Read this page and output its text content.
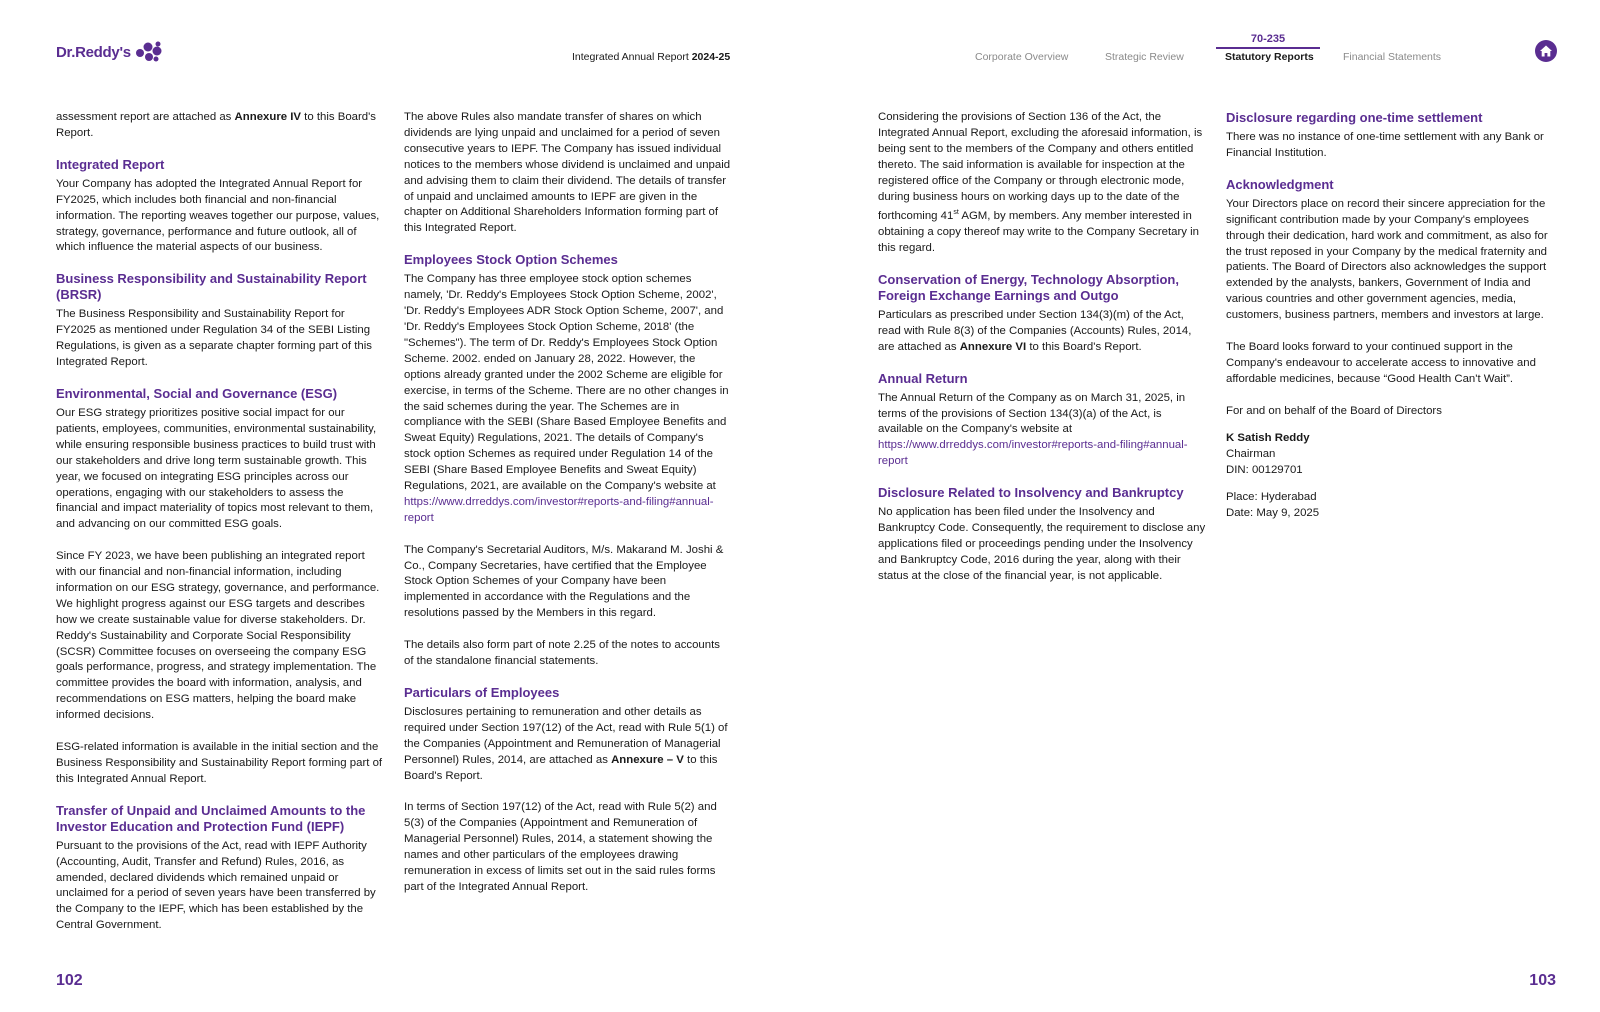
Dr.Reddy's	Integrated Annual Report 2024-25
70-235
Corporate Overview	Strategic Review	Statutory Reports	Financial Statements

assessment report are attached as Annexure IV to this Board's Report.

Integrated Report

Your Company has adopted the Integrated Annual Report for FY2025, which includes both financial and non-financial information. The reporting weaves together our purpose, values, strategy, governance, performance and future outlook, all of which influence the material aspects of our business.

Business Responsibility and Sustainability Report (BRSR)

The Business Responsibility and Sustainability Report for FY2025 as mentioned under Regulation 34 of the SEBI Listing Regulations, is given as a separate chapter forming part of this Integrated Report.

Environmental, Social and Governance (ESG)

Our ESG strategy prioritizes positive social impact for our patients, employees, communities, environmental sustainability, while ensuring responsible business practices to build trust with our stakeholders and drive long term sustainable growth. This year, we focused on integrating ESG principles across our operations, engaging with our stakeholders to assess the financial and impact materiality of topics most relevant to them, and advancing on our committed ESG goals.

Since FY 2023, we have been publishing an integrated report with our financial and non-financial information, including information on our ESG strategy, governance, and performance. We highlight progress against our ESG targets and describes how we create sustainable value for diverse stakeholders. Dr. Reddy's Sustainability and Corporate Social Responsibility (SCSR) Committee focuses on overseeing the company ESG goals performance, progress, and strategy implementation. The committee provides the board with information, analysis, and recommendations on ESG matters, helping the board make informed decisions.

ESG-related information is available in the initial section and the Business Responsibility and Sustainability Report forming part of this Integrated Annual Report.

Transfer of Unpaid and Unclaimed Amounts to the Investor Education and Protection Fund (IEPF)

Pursuant to the provisions of the Act, read with IEPF Authority (Accounting, Audit, Transfer and Refund) Rules, 2016, as amended, declared dividends which remained unpaid or unclaimed for a period of seven years have been transferred by the Company to the IEPF, which has been established by the Central Government.

The above Rules also mandate transfer of shares on which dividends are lying unpaid and unclaimed for a period of seven consecutive years to IEPF. The Company has issued individual notices to the members whose dividend is unclaimed and unpaid and advising them to claim their dividend. The details of transfer of unpaid and unclaimed amounts to IEPF are given in the chapter on Additional Shareholders Information forming part of this Integrated Report.

Employees Stock Option Schemes

The Company has three employee stock option schemes namely, 'Dr. Reddy's Employees Stock Option Scheme, 2002', 'Dr. Reddy's Employees ADR Stock Option Scheme, 2007', and 'Dr. Reddy's Employees Stock Option Scheme, 2018' (the "Schemes"). The term of Dr. Reddy's Employees Stock Option Scheme. 2002. ended on January 28, 2022. However, the options already granted under the 2002 Scheme are eligible for exercise, in terms of the Scheme. There are no other changes in the said schemes during the year. The Schemes are in compliance with the SEBI (Share Based Employee Benefits and Sweat Equity) Regulations, 2021. The details of Company's stock option Schemes as required under Regulation 14 of the SEBI (Share Based Employee Benefits and Sweat Equity) Regulations, 2021, are available on the Company's website at https://www.drreddys.com/investor#reports-and-filing#annual-report

The Company's Secretarial Auditors, M/s. Makarand M. Joshi & Co., Company Secretaries, have certified that the Employee Stock Option Schemes of your Company have been implemented in accordance with the Regulations and the resolutions passed by the Members in this regard.

The details also form part of note 2.25 of the notes to accounts of the standalone financial statements.

Particulars of Employees

Disclosures pertaining to remuneration and other details as required under Section 197(12) of the Act, read with Rule 5(1) of the Companies (Appointment and Remuneration of Managerial Personnel) Rules, 2014, are attached as Annexure – V to this Board's Report.

In terms of Section 197(12) of the Act, read with Rule 5(2) and 5(3) of the Companies (Appointment and Remuneration of Managerial Personnel) Rules, 2014, a statement showing the names and other particulars of the employees drawing remuneration in excess of limits set out in the said rules forms part of the Integrated Annual Report.

Considering the provisions of Section 136 of the Act, the Integrated Annual Report, excluding the aforesaid information, is being sent to the members of the Company and others entitled thereto. The said information is available for inspection at the registered office of the Company or through electronic mode, during business hours on working days up to the date of the forthcoming 41st AGM, by members. Any member interested in obtaining a copy thereof may write to the Company Secretary in this regard.

Conservation of Energy, Technology Absorption, Foreign Exchange Earnings and Outgo

Particulars as prescribed under Section 134(3)(m) of the Act, read with Rule 8(3) of the Companies (Accounts) Rules, 2014, are attached as Annexure VI to this Board's Report.

Annual Return

The Annual Return of the Company as on March 31, 2025, in terms of the provisions of Section 134(3)(a) of the Act, is available on the Company's website at https://www.drreddys.com/investor#reports-and-filing#annual-report

Disclosure Related to Insolvency and Bankruptcy

No application has been filed under the Insolvency and Bankruptcy Code. Consequently, the requirement to disclose any applications filed or proceedings pending under the Insolvency and Bankruptcy Code, 2016 during the year, along with their status at the close of the financial year, is not applicable.

Disclosure regarding one-time settlement

There was no instance of one-time settlement with any Bank or Financial Institution.

Acknowledgment

Your Directors place on record their sincere appreciation for the significant contribution made by your Company's employees through their dedication, hard work and commitment, as also for the trust reposed in your Company by the medical fraternity and patients. The Board of Directors also acknowledges the support extended by the analysts, bankers, Government of India and various countries and other government agencies, media, customers, business partners, members and investors at large.

The Board looks forward to your continued support in the Company's endeavour to accelerate access to innovative and affordable medicines, because “Good Health Can't Wait”.

For and on behalf of the Board of Directors

K Satish Reddy
Chairman
DIN: 00129701

Place: Hyderabad
Date: May 9, 2025

102	103
